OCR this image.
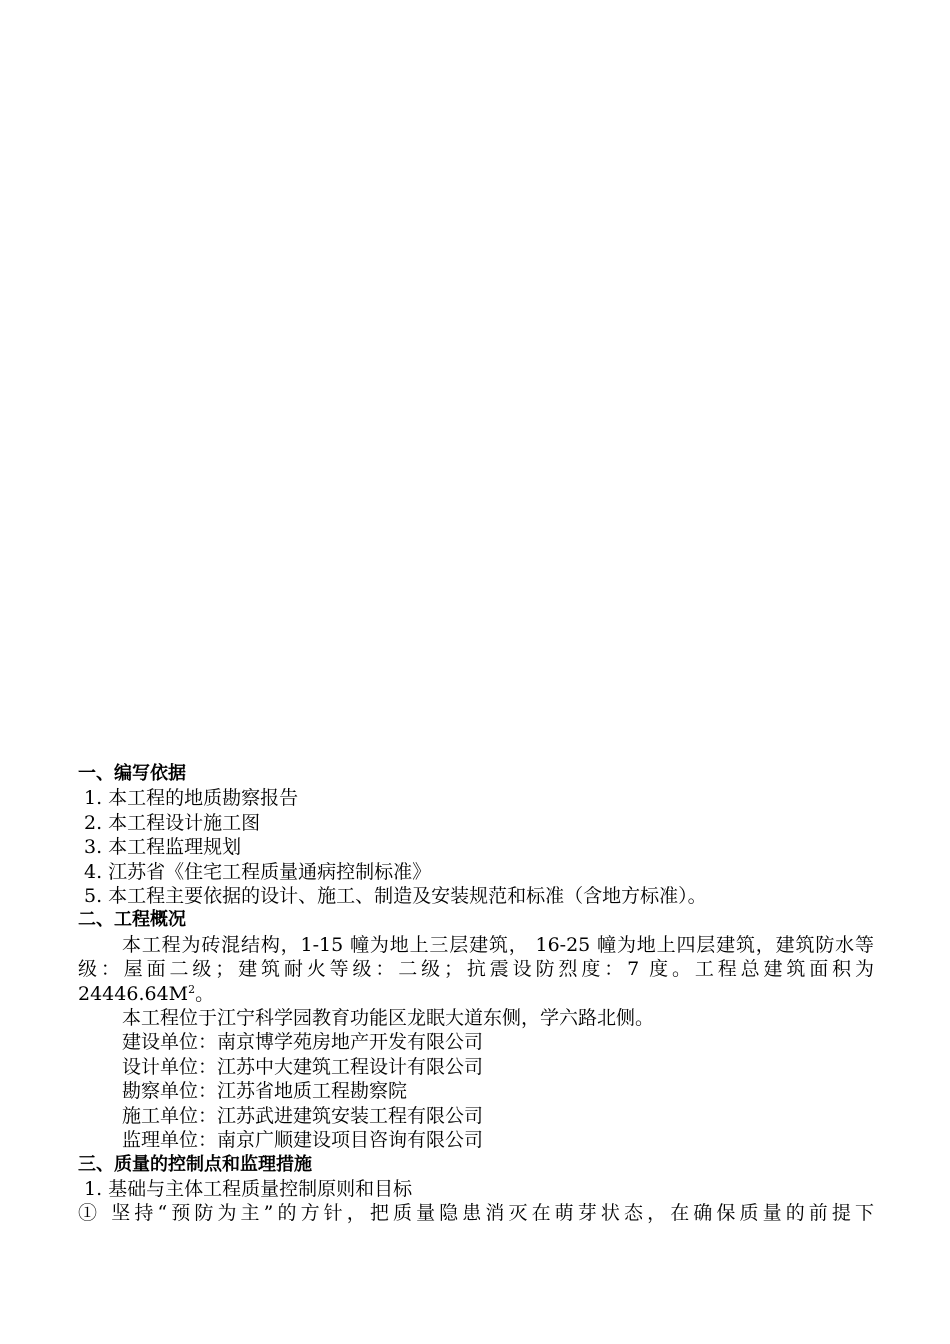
一、编写依据
1. 本工程的地质勘察报告
2. 本工程设计施工图
3. 本工程监理规划
4. 江苏省《住宅工程质量通病控制标准》
5. 本工程主要依据的设计、施工、制造及安装规范和标准（含地方标准）。
二、工程概况
本工程为砖混结构，1-15 幢为地上三层建筑， 16-25 幢为地上四层建筑，建筑防水等级：屋面二级；建筑耐火等级：二级；抗震设防烈度：7 度。工程总建筑面积为 $24446.64M^2$。
本工程位于江宁科学园教育功能区龙眠大道东侧，学六路北侧。
建设单位：南京博学苑房地产开发有限公司
设计单位：江苏中大建筑工程设计有限公司
勘察单位：江苏省地质工程勘察院
施工单位：江苏武进建筑安装工程有限公司
监理单位：南京广顺建设项目咨询有限公司
三、质量的控制点和监理措施
1. 基础与主体工程质量控制原则和目标
① 坚持“预防为主”的方针，把质量隐患消灭在萌芽状态，在确保质量的前提下
